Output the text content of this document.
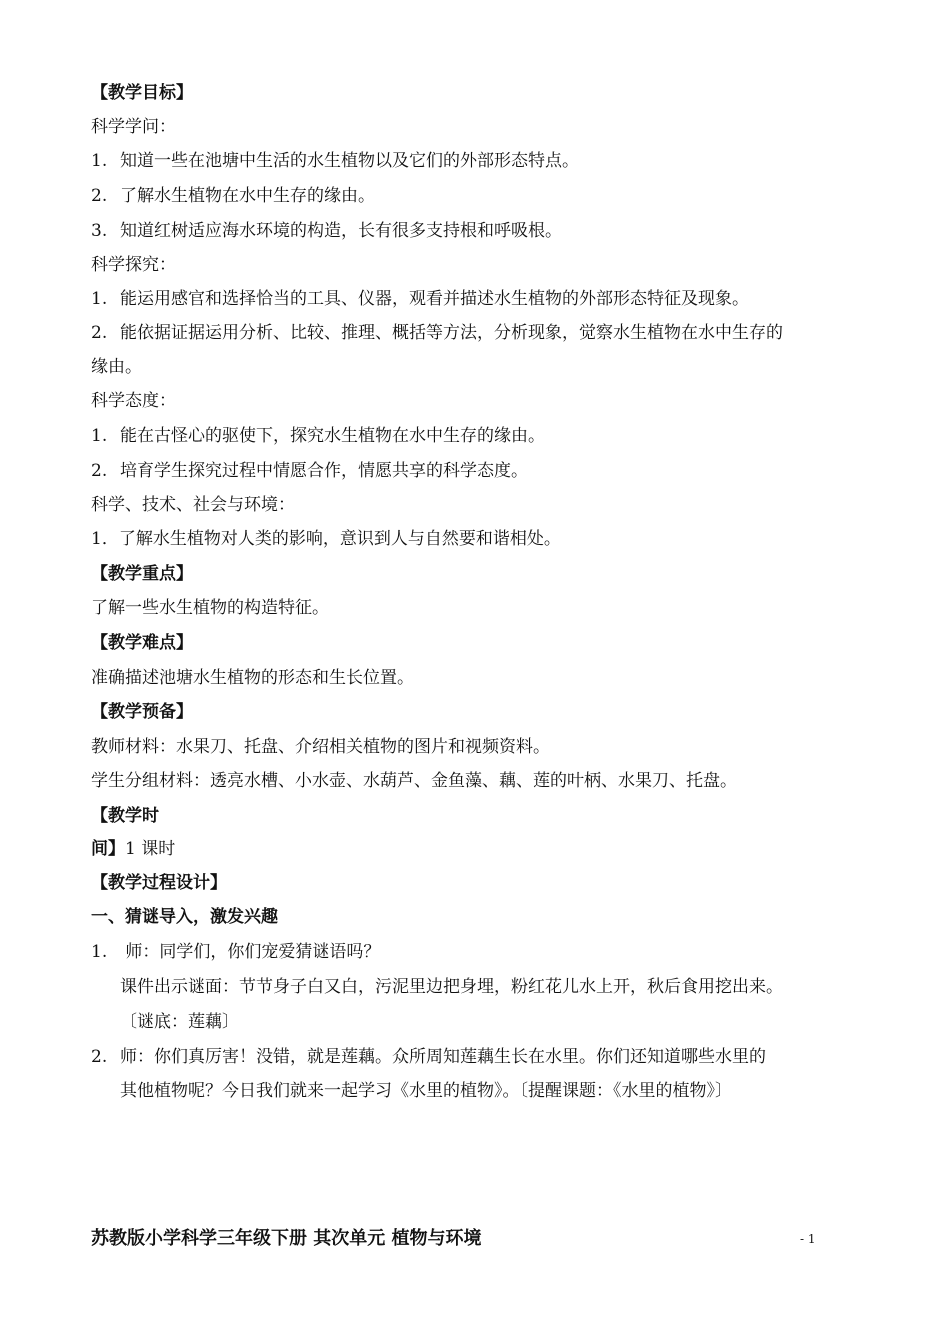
【教学目标】
科学学问：
1. 知道一些在池塘中生活的水生植物以及它们的外部形态特点。
2. 了解水生植物在水中生存的缘由。
3. 知道红树适应海水环境的构造，长有很多支持根和呼吸根。
科学探究：
1. 能运用感官和选择恰当的工具、仪器，观看并描述水生植物的外部形态特征及现象。
2. 能依据证据运用分析、比较、推理、概括等方法，分析现象，觉察水生植物在水中生存的
缘由。
科学态度：
1. 能在古怪心的驱使下，探究水生植物在水中生存的缘由。
2. 培育学生探究过程中情愿合作，情愿共享的科学态度。
科学、技术、社会与环境：
1．了解水生植物对人类的影响，意识到人与自然要和谐相处。
【教学重点】
了解一些水生植物的构造特征。
【教学难点】
准确描述池塘水生植物的形态和生长位置。
【教学预备】
教师材料：水果刀、托盘、介绍相关植物的图片和视频资料。
学生分组材料：透亮水槽、小水壶、水葫芦、金鱼藻、藕、莲的叶柄、水果刀、托盘。
【教学时
间】1 课时
【教学过程设计】
一、猜谜导入，激发兴趣
1. 师：同学们，你们宠爱猜谜语吗？
课件出示谜面：节节身子白又白，污泥里边把身埋，粉红花儿水上开，秋后食用挖出来。
〔谜底：莲藕〕
2. 师：你们真厉害！没错，就是莲藕。众所周知莲藕生长在水里。你们还知道哪些水里的
其他植物呢？今日我们就来一起学习《水里的植物》。〔提醒课题：《水里的植物》〕
苏教版小学科学三年级下册 其次单元 植物与环境	- 1
